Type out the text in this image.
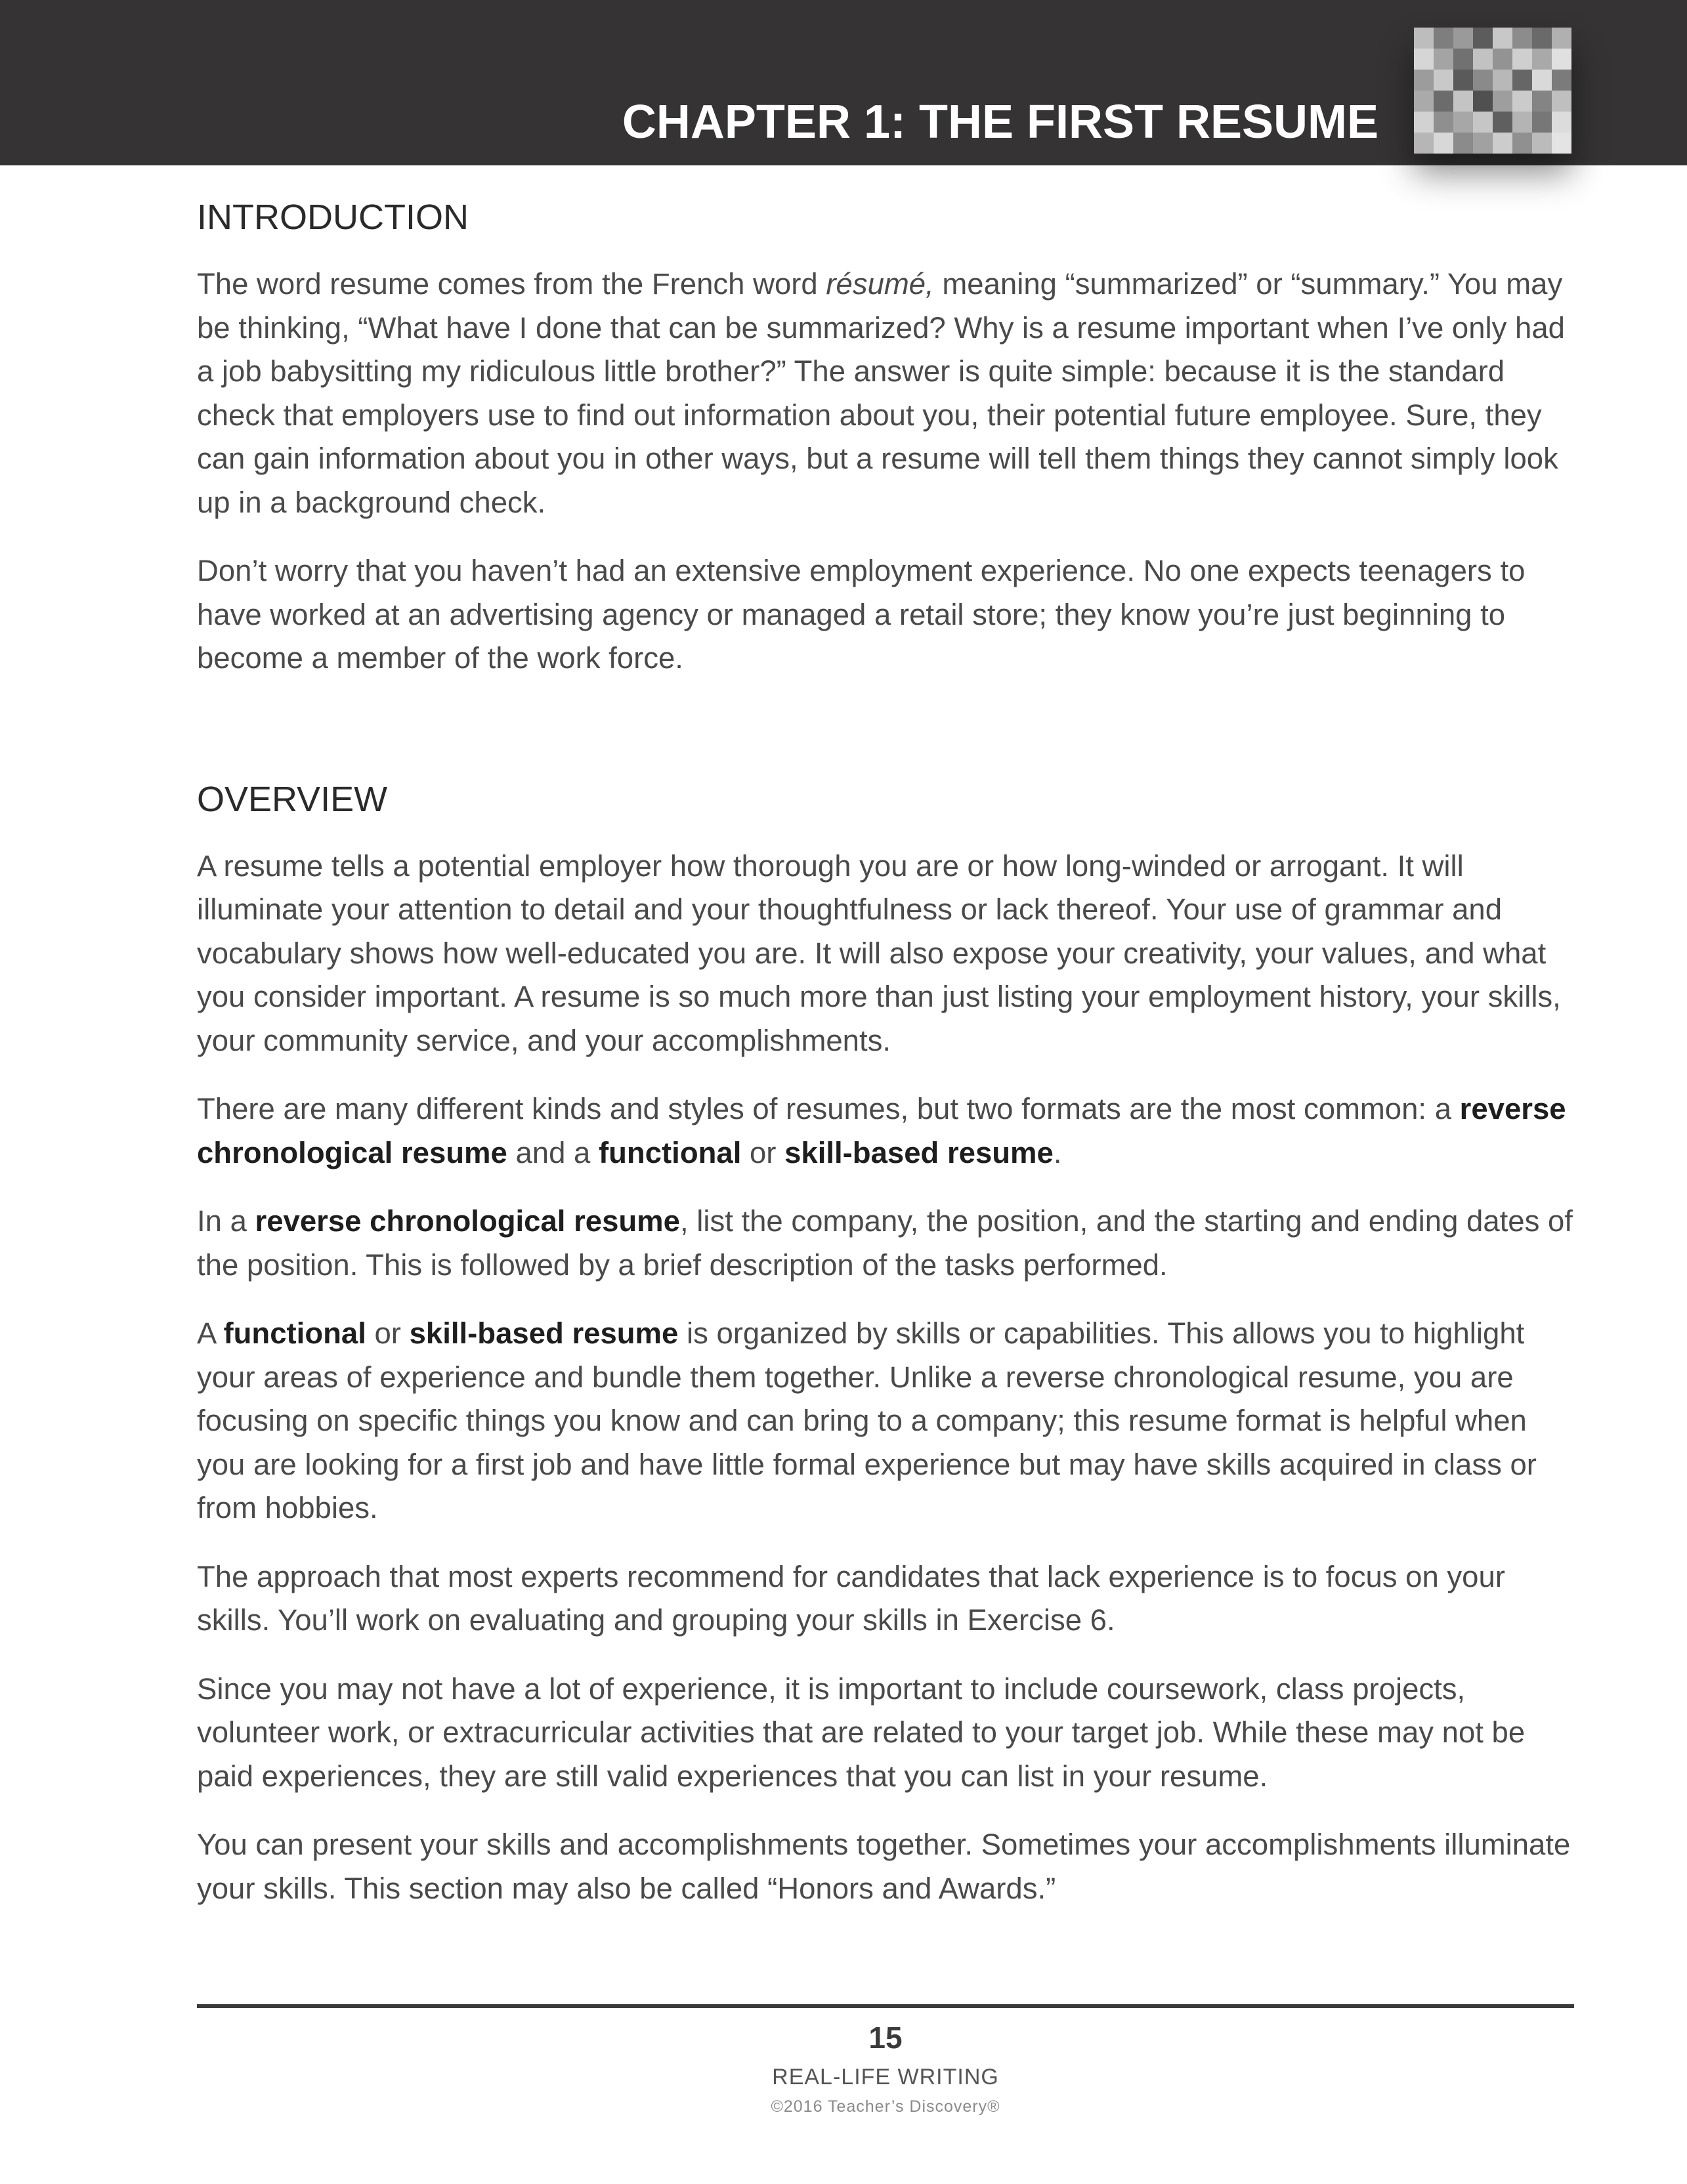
CHAPTER 1: THE FIRST RESUME
INTRODUCTION

The word resume comes from the French word résumé, meaning “summarized” or “summary.” You may be thinking, “What have I done that can be summarized? Why is a resume important when I’ve only had a job babysitting my ridiculous little brother?” The answer is quite simple: because it is the standard check that employers use to find out information about you, their potential future employee. Sure, they can gain information about you in other ways, but a resume will tell them things they cannot simply look up in a background check.

Don’t worry that you haven’t had an extensive employment experience. No one expects teenagers to have worked at an advertising agency or managed a retail store; they know you’re just beginning to become a member of the work force.

OVERVIEW

A resume tells a potential employer how thorough you are or how long-winded or arrogant. It will illuminate your attention to detail and your thoughtfulness or lack thereof. Your use of grammar and vocabulary shows how well-educated you are. It will also expose your creativity, your values, and what you consider important. A resume is so much more than just listing your employment history, your skills, your community service, and your accomplishments.

There are many different kinds and styles of resumes, but two formats are the most common: a reverse chronological resume and a functional or skill-based resume.

In a reverse chronological resume, list the company, the position, and the starting and ending dates of the position. This is followed by a brief description of the tasks performed.

A functional or skill-based resume is organized by skills or capabilities. This allows you to highlight your areas of experience and bundle them together. Unlike a reverse chronological resume, you are focusing on specific things you know and can bring to a company; this resume format is helpful when you are looking for a first job and have little formal experience but may have skills acquired in class or from hobbies.

The approach that most experts recommend for candidates that lack experience is to focus on your skills. You’ll work on evaluating and grouping your skills in Exercise 6.

Since you may not have a lot of experience, it is important to include coursework, class projects, volunteer work, or extracurricular activities that are related to your target job. While these may not be paid experiences, they are still valid experiences that you can list in your resume.

You can present your skills and accomplishments together. Sometimes your accomplishments illuminate your skills. This section may also be called “Honors and Awards.”

15
REAL-LIFE WRITING
©2016 Teacher’s Discovery®
